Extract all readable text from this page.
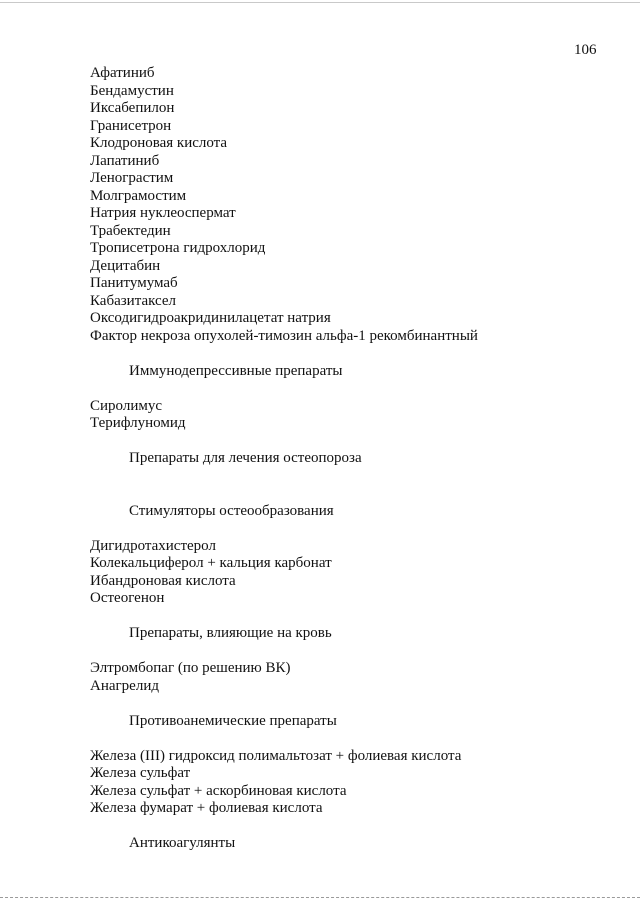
106
Афатиниб
Бендамустин
Иксабепилон
Гранисетрон
Клодроновая кислота
Лапатиниб
Ленограстим
Молграмостим
Натрия нуклеоспермат
Трабектедин
Трописетрона гидрохлорид
Децитабин
Панитумумаб
Кабазитаксел
Оксодигидроакридинилацетат натрия
Фактор некроза опухолей-тимозин альфа-1 рекомбинантный
Иммунодепрессивные препараты
Сиролимус
Терифлуномид
Препараты для лечения остеопороза
Стимуляторы остеообразования
Дигидротахистерол
Колекальциферол + кальция карбонат
Ибандроновая кислота
Остеогенон
Препараты, влияющие на кровь
Элтромбопаг (по решению ВК)
Анагрелид
Противоанемические препараты
Железа (III) гидроксид полимальтозат + фолиевая кислота
Железа сульфат
Железа сульфат + аскорбиновая кислота
Железа фумарат + фолиевая кислота
Антикоагулянты
